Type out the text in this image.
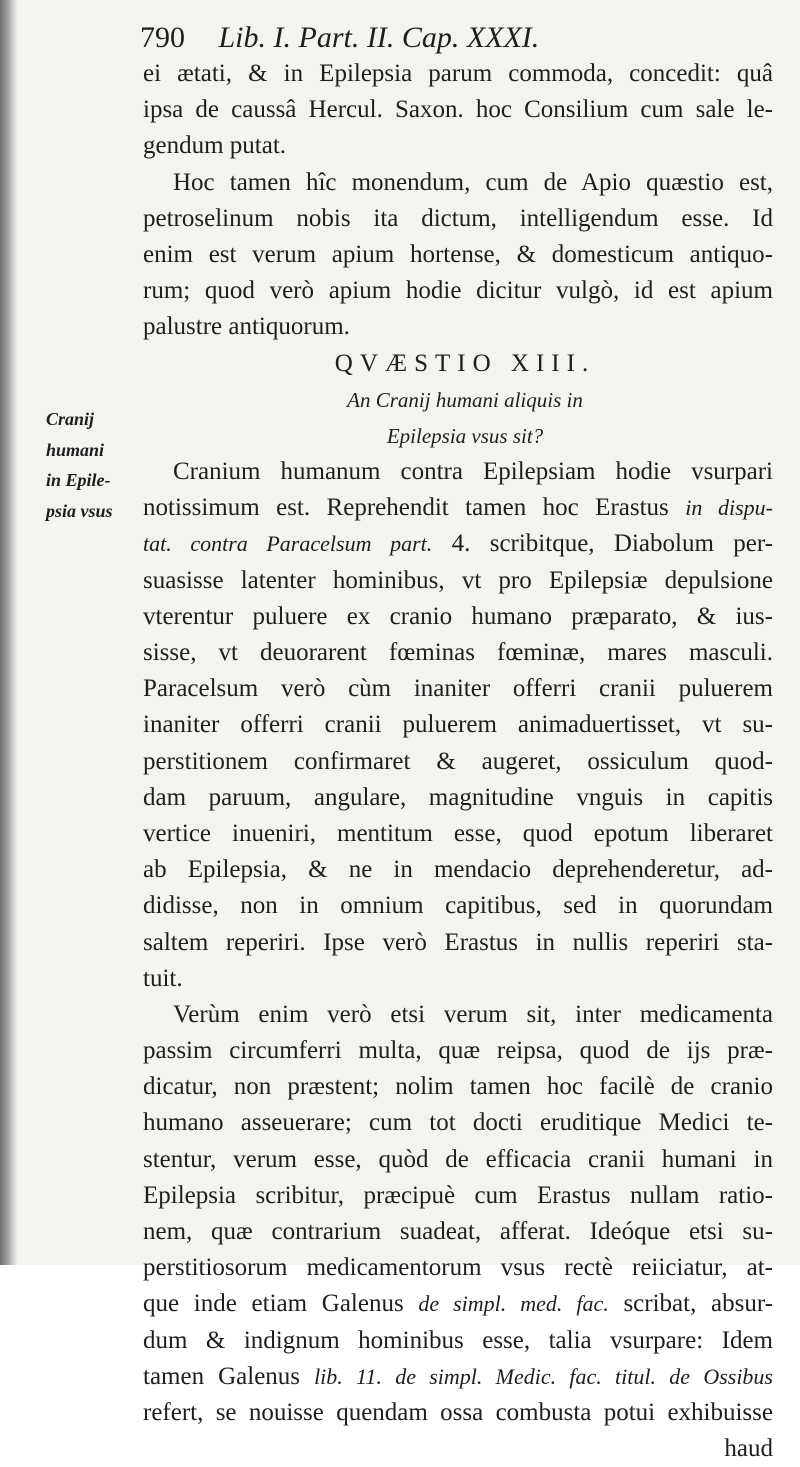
790 Lib. I. Part. II. Cap. XXXI.
Cranij
humani
in Epile-
psia vsus
ei ætati, & in Epilepsia parum commoda, concedit: quâ
ipsa de caussâ Hercul. Saxon. hoc Consilium cum sale le-
gendum putat.
Hoc tamen hîc monendum, cum de Apio quæstio est,
petroselinum nobis ita dictum, intelligendum esse. Id
enim est verum apium hortense, & domesticum antiquo-
rum; quod verò apium hodie dicitur vulgò, id est apium
palustre antiquorum.
QVÆSTIO XIII.
An Cranij humani aliquis in
Epilepsia vsus sit?
Cranium humanum contra Epilepsiam hodie vsurpari
notissimum est. Reprehendit tamen hoc Erastus in dispu-
tat. contra Paracelsum part. 4. scribitque, Diabolum per-
suasisse latenter hominibus, vt pro Epilepsiæ depulsione
vterentur puluere ex cranio humano præparato, & ius-
sisse, vt deuorarent fœminas fœminæ, mares masculi.
Paracelsum verò cùm inaniter offerri cranii puluerem
inaniter offerri cranii puluerem animaduertisset, vt su-
perstitionem confirmaret & augeret, ossiculum quod-
dam paruum, angulare, magnitudine vnguis in capitis
vertice inueniri, mentitum esse, quod epotum liberaret
ab Epilepsia, & ne in mendacio deprehenderetur, ad-
didisse, non in omnium capitibus, sed in quorundam
saltem reperiri. Ipse verò Erastus in nullis reperiri sta-
tuit.
Verùm enim verò etsi verum sit, inter medicamenta
passim circumferri multa, quæ reipsa, quod de ijs præ-
dicatur, non præstent; nolim tamen hoc facilè de cranio
humano asseuerare; cum tot docti eruditique Medici te-
stentur, verum esse, quòd de efficacia cranii humani in
Epilepsia scribitur, præcipuè cum Erastus nullam ratio-
nem, quæ contrarium suadeat, afferat. Ideóque etsi su-
perstitiosorum medicamentorum vsus rectè reiiciatur, at-
que inde etiam Galenus de simpl. med. fac. scribat, absur-
dum & indignum hominibus esse, talia vsurpare: Idem
tamen Galenus lib. 11. de simpl. Medic. fac. titul. de Ossibus
refert, se nouisse quendam ossa combusta potui exhibuisse
haud
